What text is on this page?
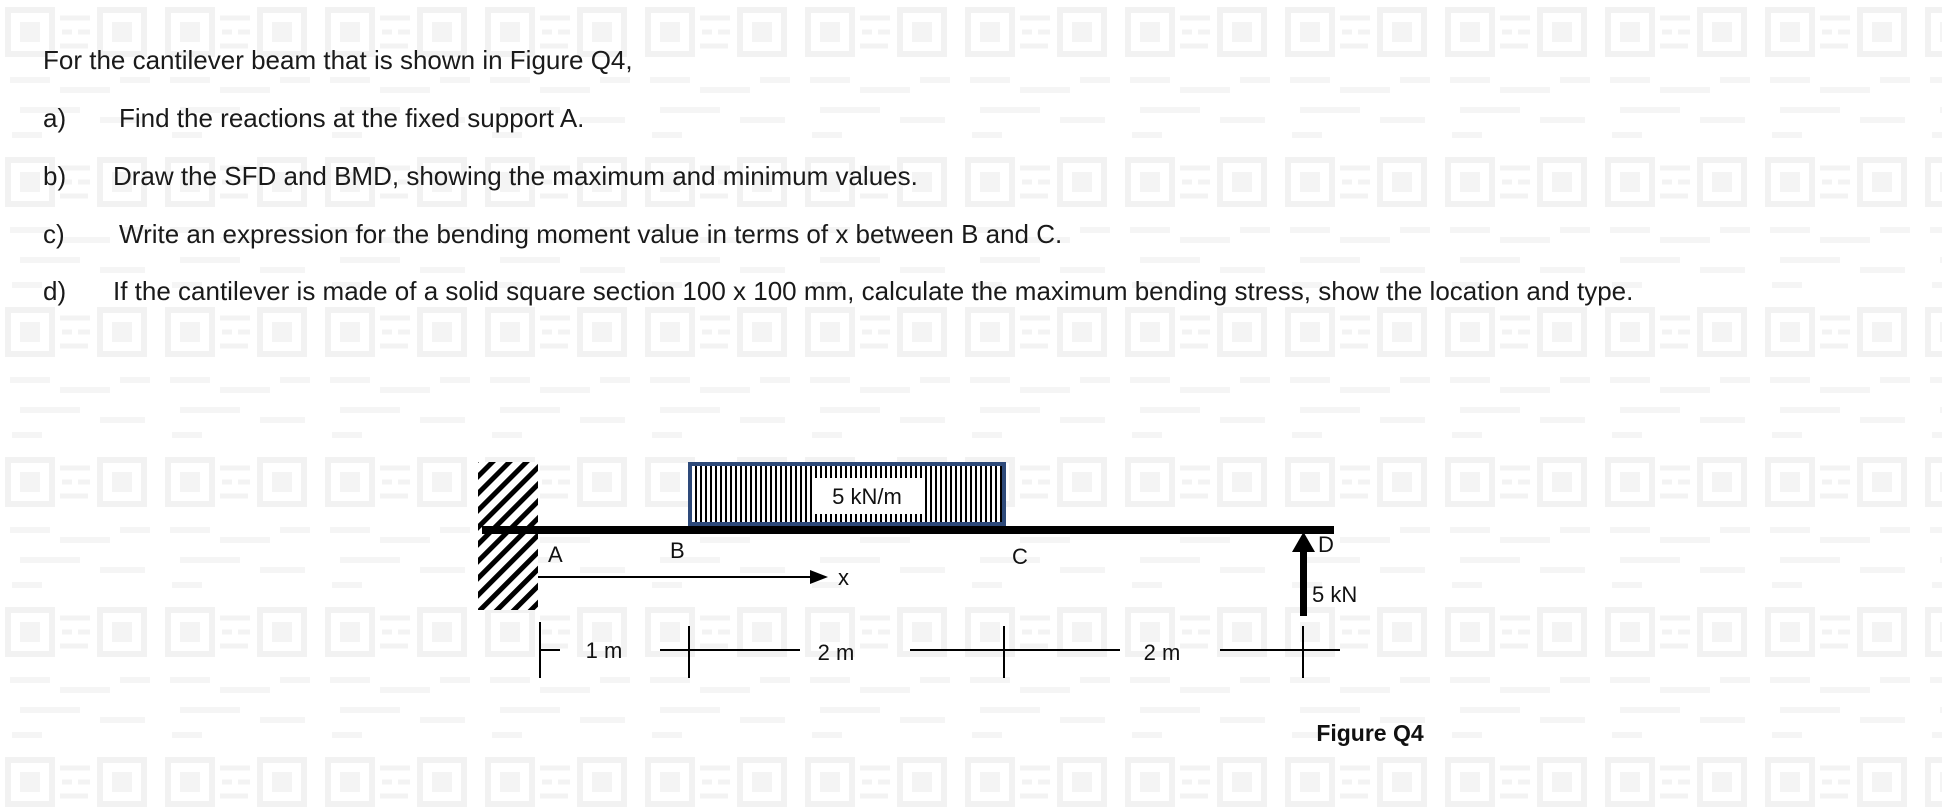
For the cantilever beam that is shown in Figure Q4,
a)	Find the reactions at the fixed support A.
b)	Draw the SFD and BMD, showing the maximum and minimum values.
c)	Write an expression for the bending moment value in terms of x between B and C.
d)	If the cantilever is made of a solid square section 100 x 100 mm, calculate the maximum bending stress, show the location and type.
5 kN/m
A	B	C	D
x
5 kN
1 m	2 m	2 m
Figure Q4
